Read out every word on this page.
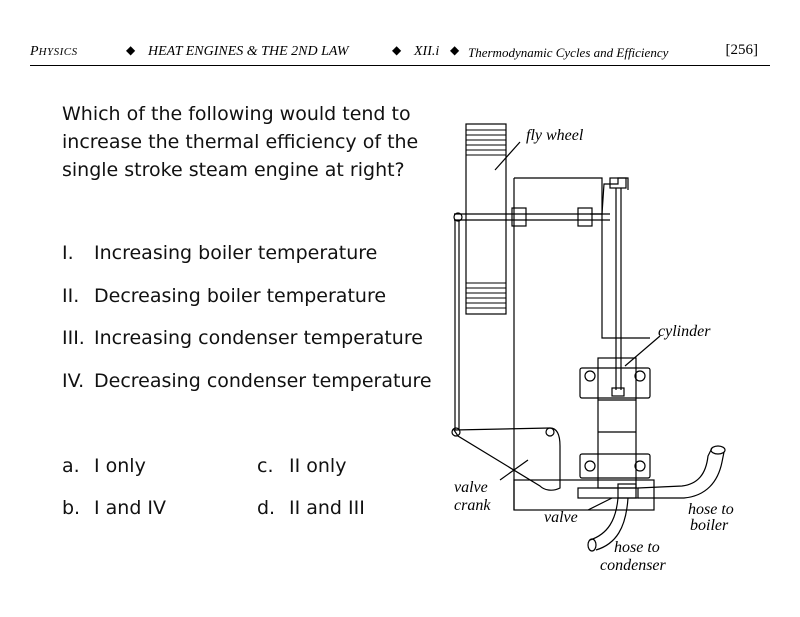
PHYSICS	◆ HEAT ENGINES & THE 2ND LAW	◆ XII.i ◆ Thermodynamic Cycles and Efficiency	[256]
Which of the following would tend to increase the thermal efficiency of the single stroke steam engine at right?
I. Increasing boiler temperature
II. Decreasing boiler temperature
III. Increasing condenser temperature
IV. Decreasing condenser temperature
a. I only
b. I and IV
c. II only
d. II and III
fly wheel
cylinder
valve
crank
valve	hose to
boiler
hose to
condenser
